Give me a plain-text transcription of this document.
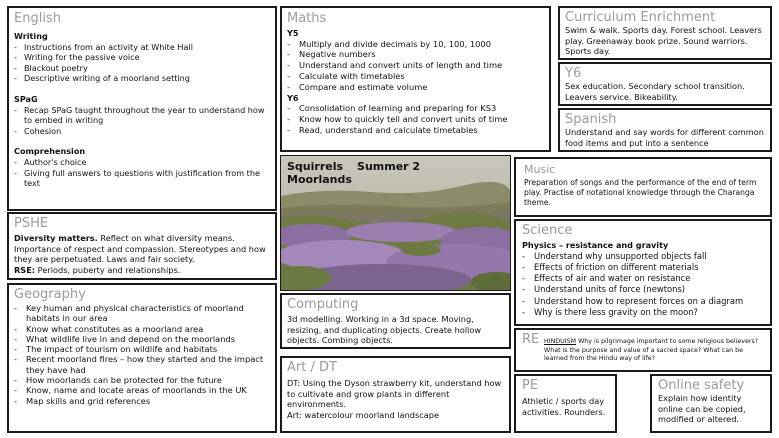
English
Writing
- Instructions from an activity at White Hall
- Writing for the passive voice
- Blackout poetry
- Descriptive writing of a moorland setting
SPaG
- Recap SPaG taught throughout the year to understand how to embed in writing
- Cohesion
Comprehension
- Author's choice
- Giving full answers to questions with justification from the text
PSHE
Diversity matters. Reflect on what diversity means. Importance of respect and compassion. Stereotypes and how they are perpetuated. Laws and fair society.
RSE: Periods, puberty and relationships.
Geography
- Key human and physical characteristics of moorland habitats in our area
- Know what constitutes as a moorland area
- What wildlife live in and depend on the moorlands
- The impact of tourism on wildlife and habitats
- Recent moorland fires – how they started and the impact they have had
- How moorlands can be protected for the future
- Know, name and locate areas of moorlands in the UK
- Map skills and grid references
Maths
Y5
- Multiply and divide decimals by 10, 100, 1000
- Negative numbers
- Understand and convert units of length and time
- Calculate with timetables
- Compare and estimate volume
Y6
- Consolidation of learning and preparing for KS3
- Know how to quickly tell and convert units of time
- Read, understand and calculate timetables
Squirrels Summer 2
Moorlands
Computing
3d modelling. Working in a 3d space. Moving, resizing, and duplicating objects. Create hollow objects. Combing objects.
Art / DT
DT: Using the Dyson strawberry kit, understand how to cultivate and grow plants in different environments.
Art: watercolour moorland landscape
Curriculum Enrichment
Swim & walk. Sports day. Forest school. Leavers play. Greenaway book prize. Sound warriors. Sports day.
Y6
Sex education. Secondary school transition. Leavers service. Bikeability.
Spanish
Understand and say words for different common food items and put into a sentence
Music
Preparation of songs and the performance of the end of term play. Practise of notational knowledge through the Charanga theme.
Science
Physics – resistance and gravity
- Understand why unsupported objects fall
- Effects of friction on different materials
- Effects of air and water on resistance
- Understand units of force (newtons)
- Understand how to represent forces on a diagram
- Why is there less gravity on the moon?
RE HINDUISM Why is pilgrimage important to some religious believers? What is the purpose and value of a sacred space? What can be learned from the Hindu way of life?
PE
Athletic / sports day activities. Rounders.
Online safety
Explain how identity online can be copied, modified or altered.
